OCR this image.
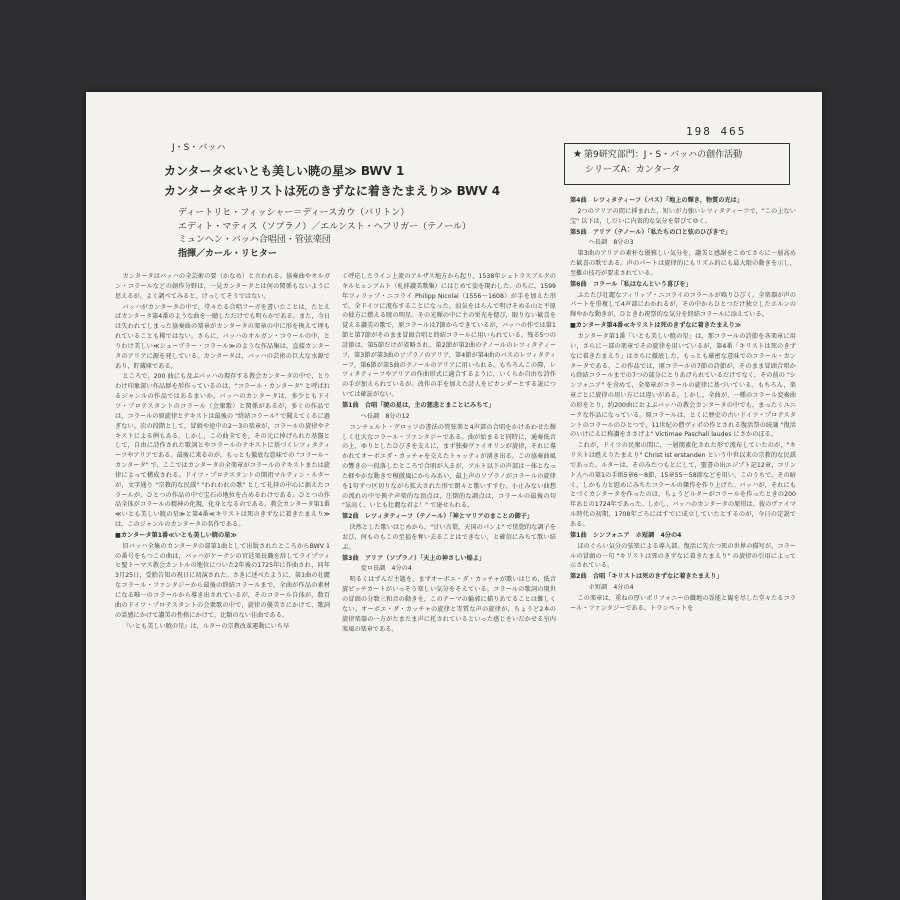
198 465
★ 第9研究部門：J・S・バッハの創作活動
シリーズA：カンタータ
J・S・バッハ
カンタータ≪いとも美しい暁の星≫ BWV 1
カンタータ≪キリストは死のきずなに着きたまえり≫ BWV 4
ディートリヒ・フィッシャー＝ディースカウ（バリトン）
エディト・マティス（ソプラノ）／エルンスト・ヘフリガー（テノール）
ミュンヘン・バッハ合唱団・管弦楽団
指揮／カール・リヒター

カンタータはバッハの全芸術の要（かなめ）と言われる。協奏曲やオルガン・コラールなどの創作分野は，一見カンタータとは何の関係もないように思えるが，よく調べてみると，けっしてそうではない。

バッハがカンタータの中で，堂々たる合唱フーガを書いたことは，たとえばカンタータ第4番のような曲を一聴しただけでも明らかである。また，今日は失われてしまった協奏曲の楽章がカンタータの楽章の中に形を換えて埋もれていることも稀ではない。さらに，バッハのオルガン・コラールの中，とりわけ美しい≪シューブラー・コラール≫のような作品集は，直接カンタータのアリアに源を発している。カンタータは，バッハの芸術の巨大な水源であり，貯蔵庫である。

ところで，200 曲にも及ぶバッハの現存する教会カンタータの中で，とりわけ印象深い作品群を形作っているのは，"コラール・カンタータ" と呼ばれるジャンルの作品ではあるまいか。バッハのカンタータは，多少ともドイツ・プロテスタントのコラール（会衆歌）と関係があるが，多くの作品では，コラールの原旋律とテキストは最後の "終結コラール" で聞えてくるに過ぎない。次の段階として，冒頭や途中の2〜3の楽章が，コラールの旋律やテキストによる例もある。しかし，この曲全てを，その元に捧げられた基盤として，自由に詩作された歌詞とやコラールのテキストに基づくレツィタティーフやアリアである。最後に来るのが，もっとも徹底な意味での "コラール・カンタータ" で，ここではカンタータの全楽章がコラールのテキストまたは旋律によって構成される。ドイツ・プロテスタントの開祖マルティン・ルターが，文字通り "宗教的な民謡" "われわれの歌" として礼拝の中心に据えたコラールが，ひとつの作品の中で宝石の地位を占めるわけである。ひとつの作品全体がコラールの精神の化現，化身となるのである。教会カンタータ第1番≪いとも美しい暁の星≫と第4番≪キリストは死のきずなに着きたまえり≫は，このジャンルのカンタータの名作である。

■カンタータ第1番≪いとも美しい暁の星≫

旧バッハ全集のカンタータの部第1曲として出版されたところからBWV 1の番号をもつこの曲は，バッハがケーテンの宮廷楽長職を辞してライプツィヒ聖トーマス教会カントルの地位についた2年後の1725年に作曲され，同年3月25日，受胎告知の祝日に初演された。さきに述べたように，第1曲の壮麗なコラール・ファンタジーから最後の終結コラールまで，全曲が作品の素材になる唯一のコラールから導き出されているが，そのコラール自体が，数百曲のドイツ・プロテスタントの会衆歌の中で，旋律の優美さにかけて，歌詞の霊感にかけて讃美の性格にかけて，比類のない佳曲である。

『いとも美しい暁の星』は，ルターの宗教改革運動にいち早

く呼応したライン上流のアルザス地方から起り，1538年シュトラスブルクのキルヒェンアムト（札拝讃美歌集）にはじめて姿を現わした。のちに，1599年フィリップ・ニコライ Philipp Nicolai（1556〜1608）が手を加えた形で，全ドイツに流布することになった。涼気をはらんで明けそめる山と平原の彼方に燃える暁の明星。その光輝の中に主の栄光を偲び，限りない歓喜を覚える讃美の歌で，原コラールは7節からできているが，バッハの作では第1節と第7節がそのまま冒頭合唱と終結コラールに用いられている。残る5つの詩節は，第5節だけが省略され，第2節が第2曲のテノールのレツィタティーフ，第3節が第3曲のソプラノのアリア，第4節が第4曲のバスのレツィタティーフ，第6節が第5曲のテノールのアリアに用いられる。もちろんこの際，レツィタティーフやアリアの作曲形式に適合するように，いくらか自由な詩作の手が加えられているが，改作の手を加えた詩人をピカンダーとする説については確証がない。

第1曲　合唱「暁の星は，主の慈悲とまことにみちて」

ヘ長調　8分の12

コンチェルト・グロッソの書法の管弦楽と4声部の合唱をかけあわせた輝しく壮大なコラール・ファンタジーである。曲が始まると同時に，通奏低音の上，ゆりとしたひびきを支えに，まず独奏ヴァイオリンが旋律，それに導かれてオーボエダ・カッチャを交えたトゥッティが湧き出る。この協奏曲風の響きの一段落したところで合唱が入るが，アルト以下の声部は一体となった軽やかな動きで模倣風にからみあい，最上声のソプラノがコラールの旋律を1句ずつ区切りながら拡大された形で朗々と歌いすすむ。小止みない曲想の流れの中で換テ声楽的な頂点は，圧倒的な調点は，コラールの最後の句 "気高く，いとも壮麗な君よ！" で達せられる。

第2曲　レツィタティーフ（テノール）「神とマリアのまことの御子」

決然とした歌いはじめから，"甘い言葉，天国のパンよ" で恍惚的な調子をおび，何ものもこの至福を奪い去ることはできない，と確信にみちて歌い結ぶ。

第3曲　アリア（ソプラノ）「天上の神さしい焔よ」

変ロ長調　4分の4

明るくはずんだ主題を，まずオーボエ・ダ・カッチャが歌いはじめ，低音旋ピッチカートがいっそう楽しい気分をそえている。コラールの歌詞の現世の冒頭の分数三和音の動きを，このテーマの輪郭に描りあてることは難しくない。オーボエ・ダ・カッチャの旋律と等質な声の旋律が，ちょうど2本の旋律楽器の一方がたまたま声に托されているといった感じをいだかせる室内楽風の楽章である。

第4曲　レツィタティーフ（バス）「地上の輝き，物質の光は」

2つのアリアの間に挿まれた，短いが力強いレツィタティーフで，"この上ない宝" 以下は，しだいに内省的な気分を帯びてゆく。

第5曲　アリア（テノール）「私たちの口と弦のひびきで」

ヘ長調　8分の3

第3曲のアリアの素朴な優雅しい気分を，讃美と感謝をこめてさらに一層高めた歓喜の歌である。声のパートは旋律的にもリズム的にも最大限の動きを示し，至難の技巧が要求されている。

第6曲　コラール「私はなんという喜びを」

ふたたび壮麗なフィリップ・ニコライのコラールが鳴りひびく。全楽器が声のパートを重複して4声部にわかれるが，その中からひとつだけ独立したホルンの輝やかな動きが，ひときわ祝祭的な気分を終結コラールに添えている。

■カンタータ第4番≪キリストは死のきずなに着きたまえり≫

カンタータ第1番「いとも美しい暁の星」は，那コラールの詩節を各楽章に用い，さらに一部の楽章でその旋律を用いているが，第4番「キリストは死のきずなに着きたまえり」はさらに徹底した，もっとも厳密な意味でのコラール・カンタータである。この作品では，原コラールの7節の詩節が，そのまま冒頭合唱から終結コラールまでの7つの部分にとりあげられているだけでなく，その前の "シンフォニア" を含めて，全楽章がコラールの旋律に基づいている。もちろん，楽章ごとに旋律の用い方には違いがある。しかし，全曲が，一種のコラール変奏曲の形をとり，約200曲におよぶバッハの教会カンタータの中でも，まったくユニークな作品になっている。原コラールは，とくに歴史の古いドイツ・プロテスタントのコラールのひとつで，11世紀の僧ヴィポの作とされる復活祭の続誦 "復活のいけにえに称讃をささげよ" Victimae Paschali laudes にさかのぼる。

これが，ドイツの民衆の間に，一層簡素化された形で流布していたのが，"キリストは甦えりたまえり" Christ ist erstanden という中世以来の宗教的な民謡であった。ルターは，そのみたつもとにして，聖書の出エジプト記12章，コリント人への第1の手紙5章6〜8節，15章55〜58節などを用い，このうちで，その暗く，しかも力と慰めにみちたコラールの傑作を作り上げた。バッハが，それにもとづくカンタータを作ったのは，ちょうどルターがコラールを作ったときの200年あとの1724年であった。しかし，バッハのカンタータの原形は，彼のヴァイマル時代の初期，1708年ごろにはすでに成立していたとするのが，今日の定説である。

第1曲　シンフォニア　ホ短調　4分の4

ほのぐらい気分の弦楽による導入部。復活に先立つ死の世界の描写が，コラールの冒頭の一句 "キリストは死のきずなに着きたまえり" の旋律の引用によって示されている。

第2曲　合唱「キリストは死のきずなに着きたまえり」

ホ短調　4分の4

この楽章は，重ねの厚いポリフォニーの織地の霊能と観を尽した堂々たるコラール・ファンタジーである。トランペットを
